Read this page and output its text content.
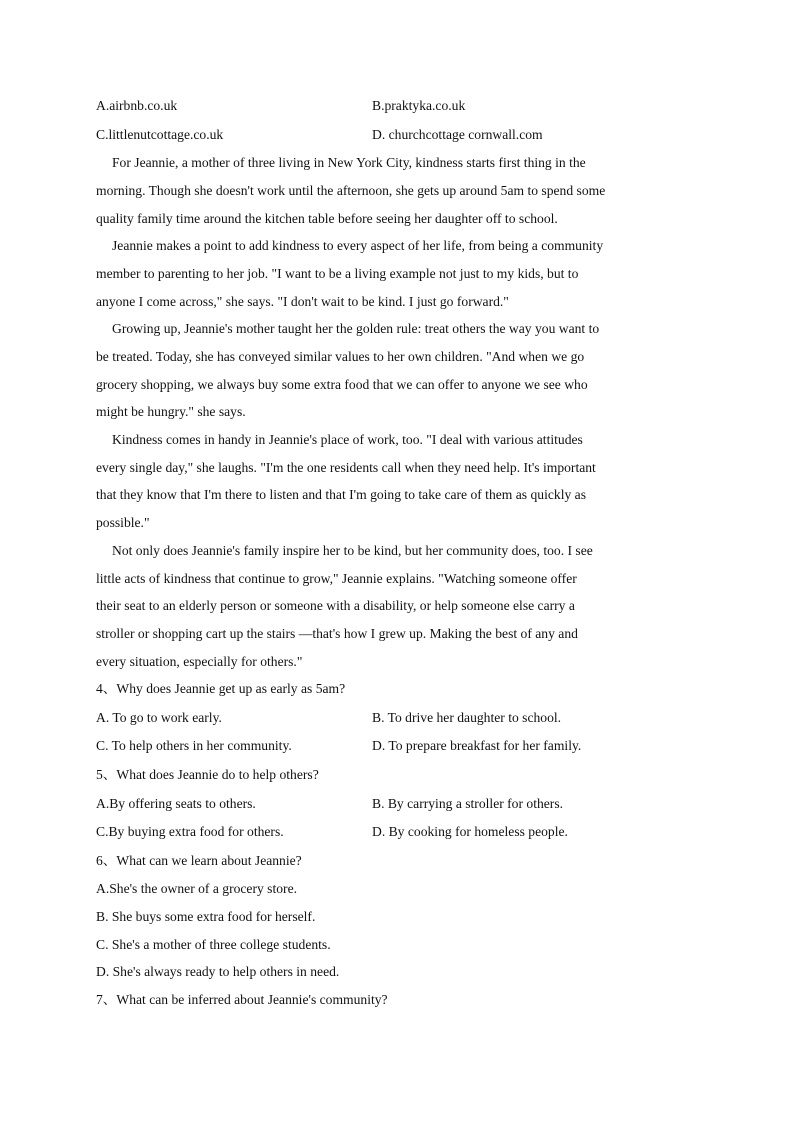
A.airbnb.co.uk	B.praktyka.co.uk
C.littlenutcottage.co.uk	D. churchcottage cornwall.com
For Jeannie, a mother of three living in New York City, kindness starts first thing in the
morning. Though she doesn't work until the afternoon, she gets up around 5am to spend some
quality family time around the kitchen table before seeing her daughter off to school.
Jeannie makes a point to add kindness to every aspect of her life, from being a community
member to parenting to her job. "I want to be a living example not just to my kids, but to
anyone I come across," she says. "I don't wait to be kind. I just go forward."
Growing up, Jeannie's mother taught her the golden rule: treat others the way you want to
be treated. Today, she has conveyed similar values to her own children. "And when we go
grocery shopping, we always buy some extra food that we can offer to anyone we see who
might be hungry." she says.
Kindness comes in handy in Jeannie's place of work, too. "I deal with various attitudes
every single day," she laughs. "I'm the one residents call when they need help. It's important
that they know that I'm there to listen and that I'm going to take care of them as quickly as
possible."
Not only does Jeannie's family inspire her to be kind, but her community does, too. I see
little acts of kindness that continue to grow," Jeannie explains. "Watching someone offer
their seat to an elderly person or someone with a disability, or help someone else carry a
stroller or shopping cart up the stairs —that's how I grew up. Making the best of any and
every situation, especially for others."
4、Why does Jeannie get up as early as 5am?
A. To go to work early.	B. To drive her daughter to school.
C. To help others in her community.	D. To prepare breakfast for her family.
5、What does Jeannie do to help others?
A.By offering seats to others.	B. By carrying a stroller for others.
C.By buying extra food for others.	D. By cooking for homeless people.
6、What can we learn about Jeannie?
A.She's the owner of a grocery store.
B. She buys some extra food for herself.
C. She's a mother of three college students.
D. She's always ready to help others in need.
7、What can be inferred about Jeannie's community?
